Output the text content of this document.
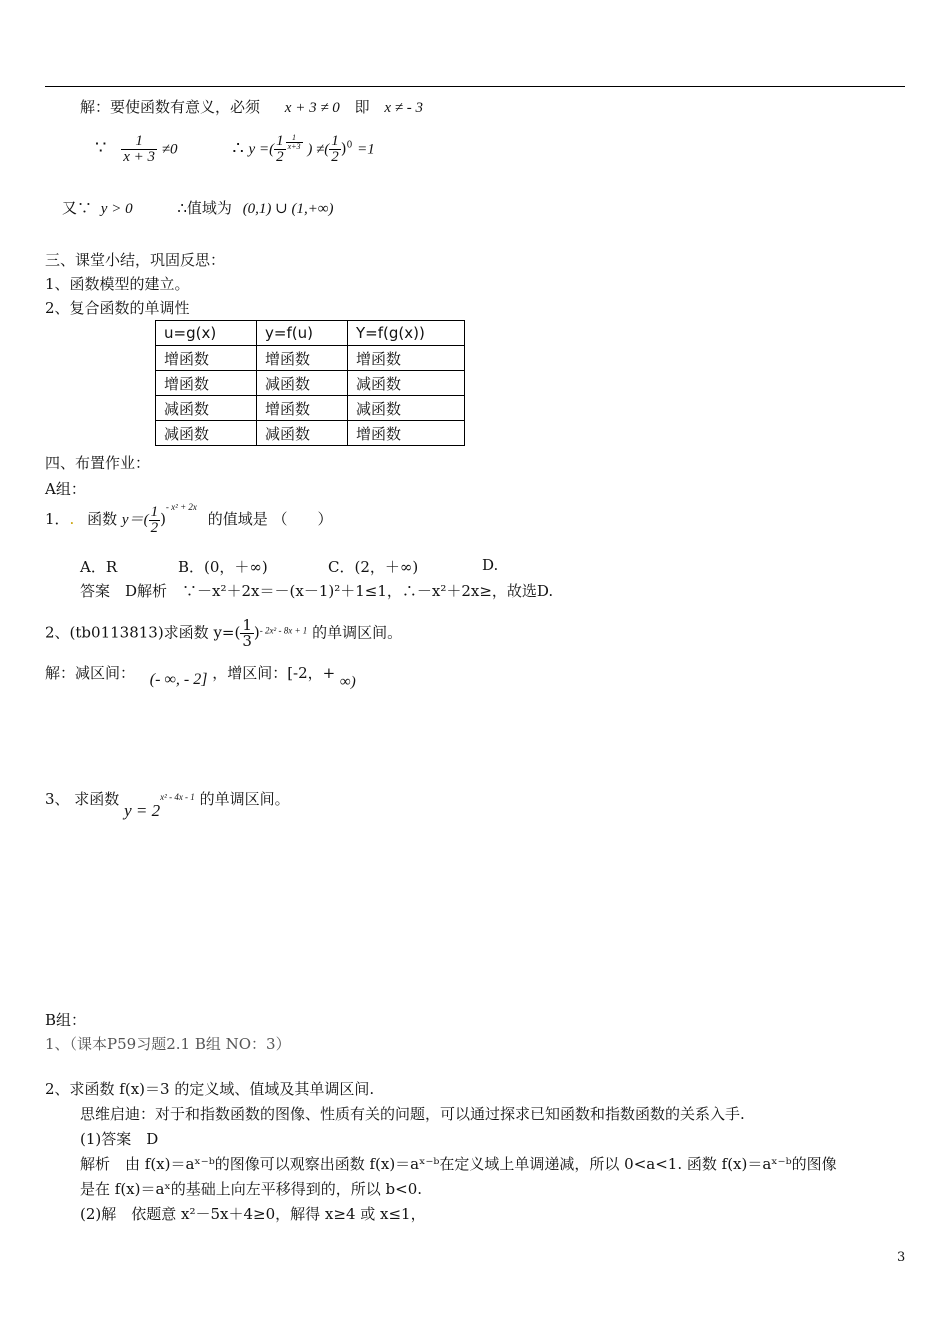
解：要使函数有意义，必须 x + 3 ≠ 0 即 x ≠ - 3
∵ $\frac{1}{x + 3} \ne 0$	∴ y =( $\frac{1}{2} \frac{1}{x+3}$ ) ≠( $\frac{1}{2} )^0 =1$
又∵ y > 0	∴值域为 (0,1) ∪ (1,+∞)
三、课堂小结，巩固反思：
1、函数模型的建立。
2、复合函数的单调性
u=g(x)	y=f(u)	Y=f(g(x))
增函数	增函数	增函数
增函数	减函数	减函数
减函数	增函数	减函数
减函数	减函数	增函数
四、布置作业：
A组：
1．. 函数 $y=( \frac{1}{2} )^{- x^2 + 2x}$ 的值域是 （　　）
A．R	B．(0，＋∞)	C．(2，＋∞)	D.
答案　D解析　∵－x²＋2x＝－(x－1)²＋1≤1，∴－x²＋2x≥，故选D.
2、(tb0113813)求函数 $y=( \frac{1}{3} )^{- 2x^2 - 8x + 1}$ 的单调区间。
解：减区间： (- ∞, - 2] ，增区间：[-2，+ ∞)
3、 求函数 $y = 2^{x^2 - 4x - 1}$ 的单调区间。
B组：
1、（课本P59习题2.1 B组 NO：3）
2、求函数 f(x)＝3 的定义域、值域及其单调区间.
思维启迪：对于和指数函数的图像、性质有关的问题，可以通过探求已知函数和指数函数的关系入手.
(1)答案　D
解析　由 f(x)＝aˣ⁻ᵇ的图像可以观察出函数 f(x)＝aˣ⁻ᵇ在定义域上单调递减，所以 0<a<1. 函数 f(x)＝aˣ⁻ᵇ的图像
是在 f(x)＝aˣ的基础上向左平移得到的，所以 b<0.
(2)解　依题意 x²－5x＋4≥0，解得 x≥4 或 x≤1，
3
